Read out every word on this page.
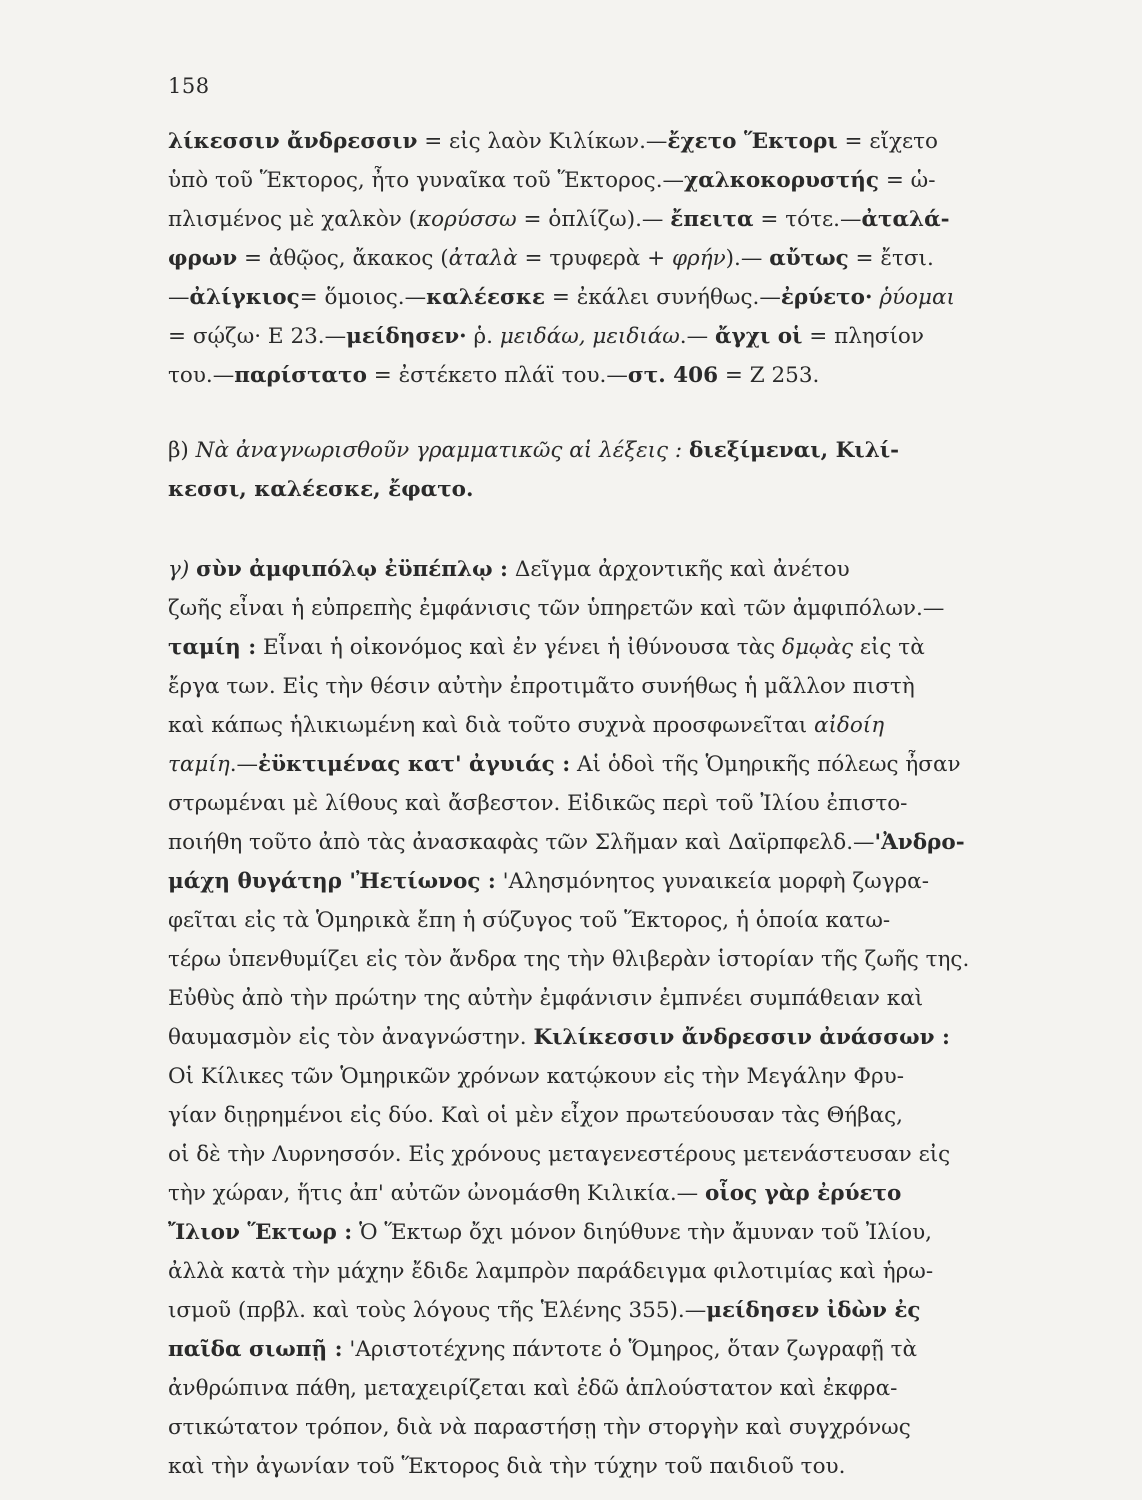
158
λίκεσσιν ἄνδρεσσιν = εἰς λαὸν Κιλίκων.—ἔχετο Ἕκτορι = εἴχετο
ὑπὸ τοῦ Ἕκτορος, ἦτο γυναῖκα τοῦ Ἕκτορος.—χαλκοκορυστής = ὡ-
πλισμένος μὲ χαλκὸν (κορύσσω = ὁπλίζω).— ἔπειτα = τότε.—ἀταλά-
φρων = ἀθῷος, ἄκακος (ἀταλὰ = τρυφερὰ + φρήν).— αὔτως = ἔτσι.
—ἀλίγκιος= ὅμοιος.—καλέεσκε = ἐκάλει συνήθως.—ἐρύετο· ῥύομαι
= σῴζω· Ε 23.—μείδησεν· ῥ. μειδάω, μειδιάω.— ἄγχι οἱ = πλησίον
του.—παρίστατο = ἐστέκετο πλάϊ του.—στ. 406 = Ζ 253.
β) Νὰ ἀναγνωρισθοῦν γραμματικῶς αἱ λέξεις : διεξίμεναι, Κιλί-
κεσσι, καλέεσκε, ἔφατο.
γ) σὺν ἀμφιπόλῳ ἐϋπέπλῳ : Δεῖγμα ἀρχοντικῆς καὶ ἀνέτου
ζωῆς εἶναι ἡ εὐπρεπὴς ἐμφάνισις τῶν ὑπηρετῶν καὶ τῶν ἀμφιπόλων.—
ταμίη : Εἶναι ἡ οἰκονόμος καὶ ἐν γένει ἡ ἰθύνουσα τὰς δμῳὰς εἰς τὰ
ἔργα των. Εἰς τὴν θέσιν αὐτὴν ἐπροτιμᾶτο συνήθως ἡ μᾶλλον πιστὴ
καὶ κάπως ἡλικιωμένη καὶ διὰ τοῦτο συχνὰ προσφωνεῖται αἰδοίη
ταμίη.—ἐϋκτιμένας κατ' ἀγυιάς : Αἱ ὁδοὶ τῆς Ὁμηρικῆς πόλεως ἦσαν
στρωμέναι μὲ λίθους καὶ ἄσβεστον. Εἰδικῶς περὶ τοῦ Ἰλίου ἐπιστο-
ποιήθη τοῦτο ἀπὸ τὰς ἀνασκαφὰς τῶν Σλῆμαν καὶ Δαϊρπφελδ.—'Ἀνδρο-
μάχη θυγάτηρ 'Ἠετίωνος : 'Αλησμόνητος γυναικεία μορφὴ ζωγρα-
φεῖται εἰς τὰ Ὁμηρικὰ ἔπη ἡ σύζυγος τοῦ Ἕκτορος, ἡ ὁποία κατω-
τέρω ὑπενθυμίζει εἰς τὸν ἄνδρα της τὴν θλιβερὰν ἱστορίαν τῆς ζωῆς της.
Εὐθὺς ἀπὸ τὴν πρώτην της αὐτὴν ἐμφάνισιν ἐμπνέει συμπάθειαν καὶ
θαυμασμὸν εἰς τὸν ἀναγνώστην. Κιλίκεσσιν ἄνδρεσσιν ἀνάσσων :
Οἱ Κίλικες τῶν Ὁμηρικῶν χρόνων κατῴκουν εἰς τὴν Μεγάλην Φρυ-
γίαν διῃρημένοι εἰς δύο. Καὶ οἱ μὲν εἶχον πρωτεύουσαν τὰς Θήβας,
οἱ δὲ τὴν Λυρνησσόν. Εἰς χρόνους μεταγενεστέρους μετενάστευσαν εἰς
τὴν χώραν, ἥτις ἀπ' αὐτῶν ὠνομάσθη Κιλικία.— οἷος γὰρ ἐρύετο
Ἴλιον Ἕκτωρ : Ὁ Ἕκτωρ ὄχι μόνον διηύθυνε τὴν ἄμυναν τοῦ Ἰλίου,
ἀλλὰ κατὰ τὴν μάχην ἔδιδε λαμπρὸν παράδειγμα φιλοτιμίας καὶ ἡρω-
ισμοῦ (πρβλ. καὶ τοὺς λόγους τῆς Ἑλένης 355).—μείδησεν ἰδὼν ἐς
παῖδα σιωπῇ : 'Αριστοτέχνης πάντοτε ὁ Ὅμηρος, ὅταν ζωγραφῇ τὰ
ἀνθρώπινα πάθη, μεταχειρίζεται καὶ ἐδῶ ἁπλούστατον καὶ ἐκφρα-
στικώτατον τρόπον, διὰ νὰ παραστήσῃ τὴν στοργὴν καὶ συγχρόνως
καὶ τὴν ἀγωνίαν τοῦ Ἕκτορος διὰ τὴν τύχην τοῦ παιδιοῦ του.
